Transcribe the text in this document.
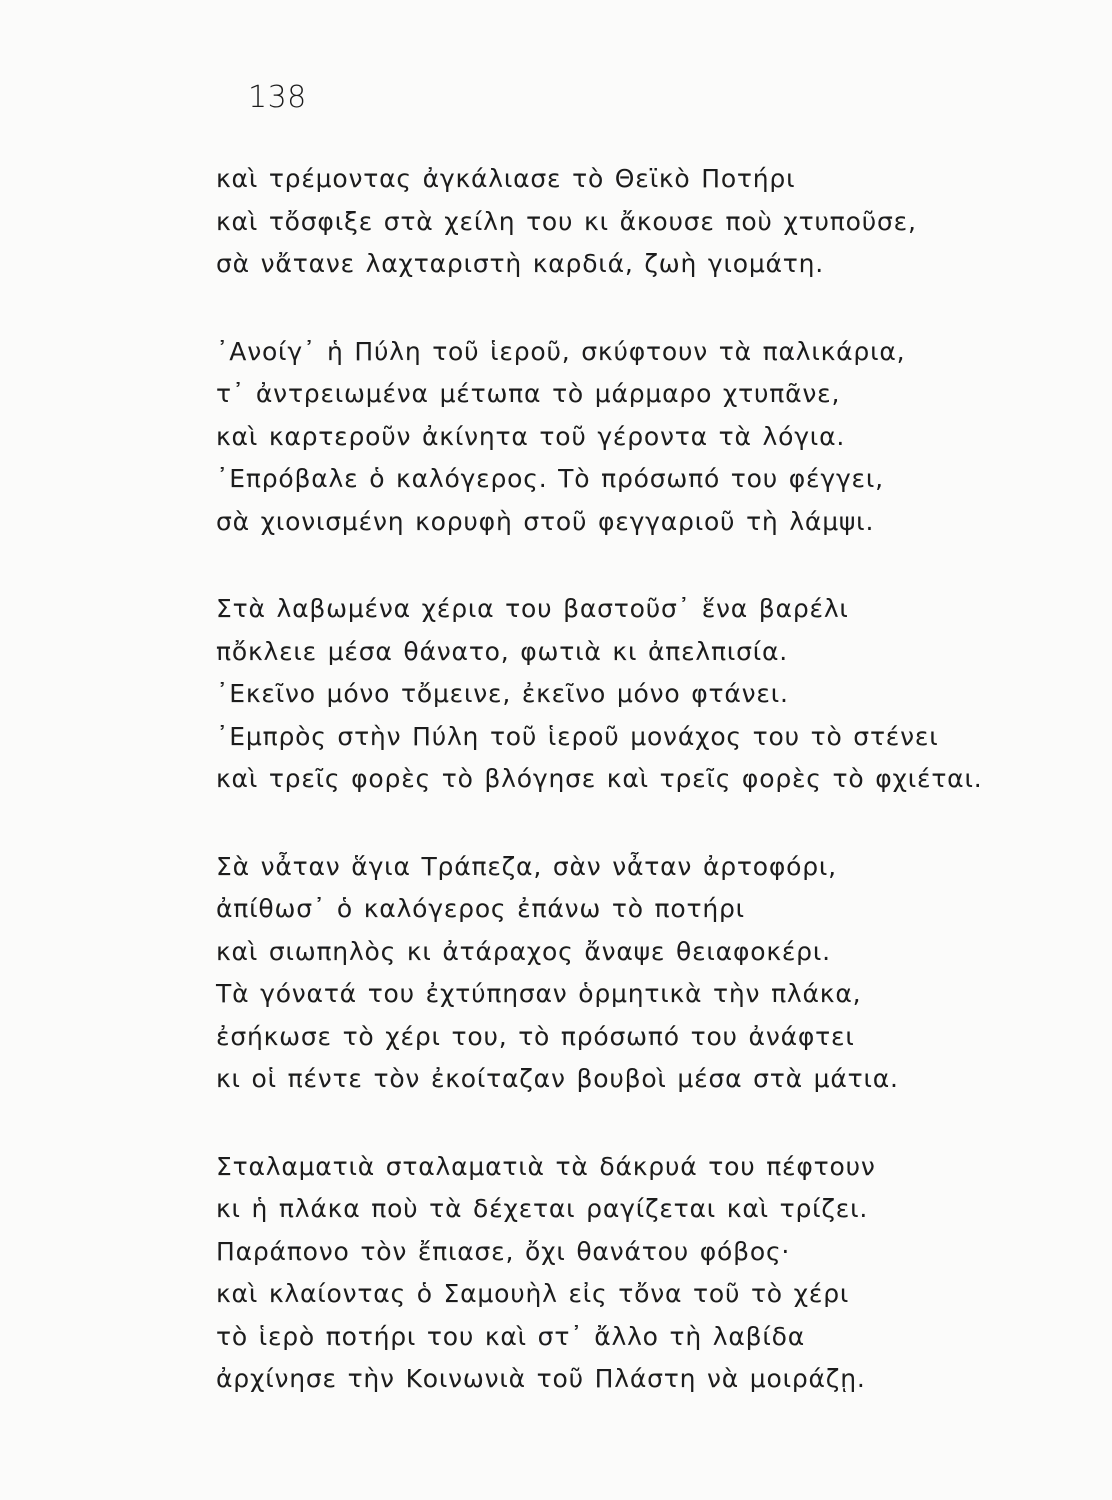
138

καὶ τρέμοντας ἀγκάλιασε τὸ Θεϊκὸ Ποτήρι
καὶ τὄσφιξε στὰ χείλη του κι ἄκουσε ποὺ χτυποῦσε,
σὰ νἄτανε λαχταριστὴ καρδιά, ζωὴ γιομάτη.
᾿Ανοίγ᾿ ἡ Πύλη τοῦ ἱεροῦ, σκύφτουν τὰ παλικάρια,
τ᾿ ἀντρειωμένα μέτωπα τὸ μάρμαρο χτυπᾶνε,
καὶ καρτεροῦν ἀκίνητα τοῦ γέροντα τὰ λόγια.
᾿Επρόβαλε ὁ καλόγερος. Τὸ πρόσωπό του φέγγει,
σὰ χιονισμένη κορυφὴ στοῦ φεγγαριοῦ τὴ λάμψι.
Στὰ λαβωμένα χέρια του βαστοῦσ᾿ ἕνα βαρέλι
πὄκλειε μέσα θάνατο, φωτιὰ κι ἀπελπισία.
᾿Εκεῖνο μόνο τὄμεινε, ἐκεῖνο μόνο φτάνει.
᾿Εμπρὸς στὴν Πύλη τοῦ ἱεροῦ μονάχος του τὸ στένει
καὶ τρεῖς φορὲς τὸ βλόγησε καὶ τρεῖς φορὲς τὸ φχιέται.
Σὰ νἆταν ἅγια Τράπεζα, σὰν νἆταν ἀρτοφόρι,
ἀπίθωσ᾿ ὁ καλόγερος ἐπάνω τὸ ποτήρι
καὶ σιωπηλὸς κι ἀτάραχος ἄναψε θειαφοκέρι.
Τὰ γόνατά του ἐχτύπησαν ὁρμητικὰ τὴν πλάκα,
ἐσήκωσε τὸ χέρι του, τὸ πρόσωπό του ἀνάφτει
κι οἱ πέντε τὸν ἐκοίταζαν βουβοὶ μέσα στὰ μάτια.
Σταλαματιὰ σταλαματιὰ τὰ δάκρυά του πέφτουν
κι ἡ πλάκα ποὺ τὰ δέχεται ραγίζεται καὶ τρίζει.
Παράπονο τὸν ἔπιασε, ὄχι θανάτου φόβος·
καὶ κλαίοντας ὁ Σαμουὴλ εἰς τὄνα τοῦ τὸ χέρι
τὸ ἱερὸ ποτήρι του καὶ στ᾿ ἄλλο τὴ λαβίδα
ἀρχίνησε τὴν Κοινωνιὰ τοῦ Πλάστη νὰ μοιράζῃ.
